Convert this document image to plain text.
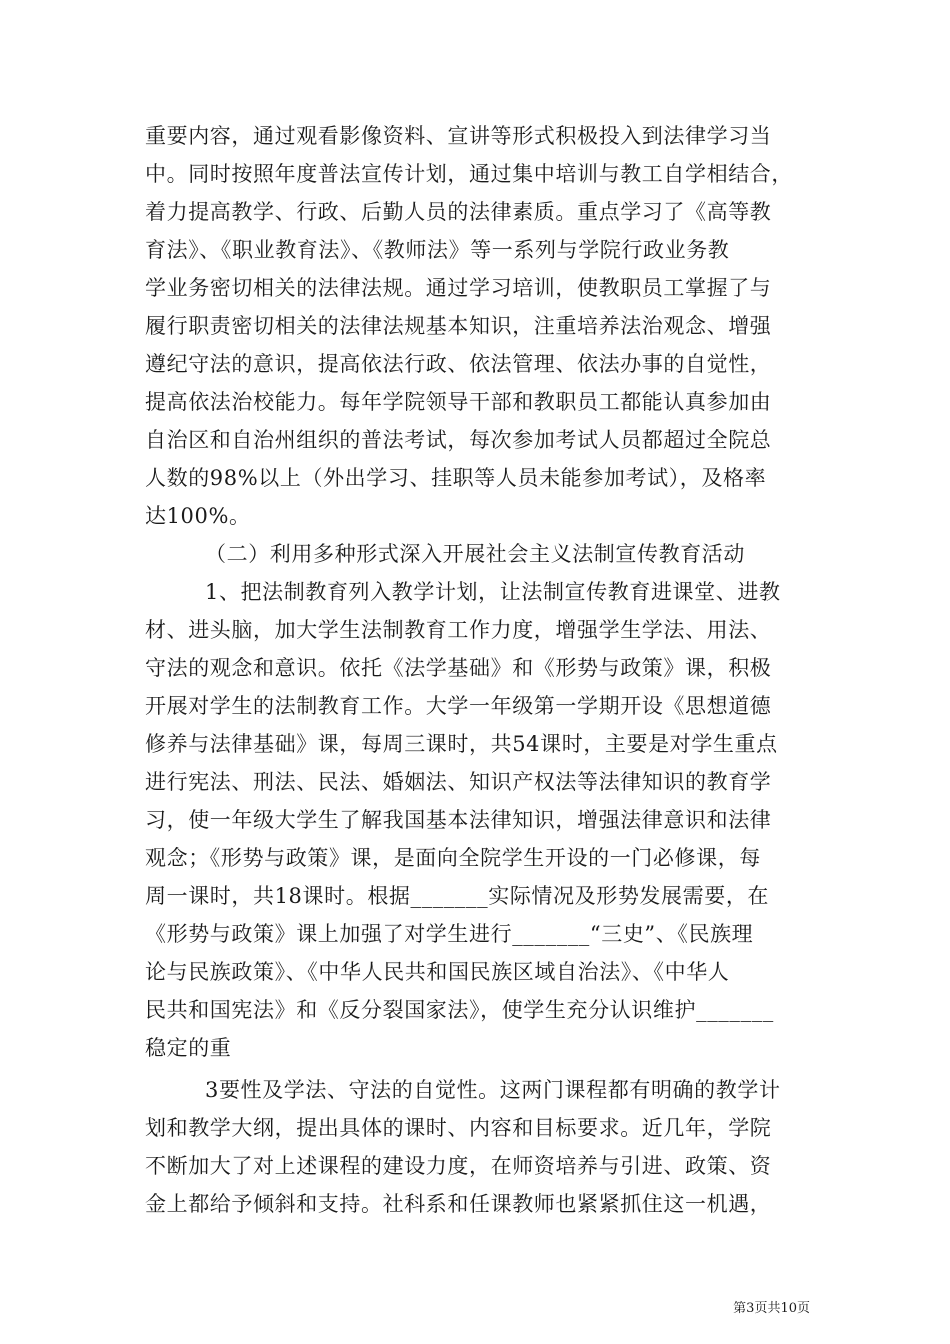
重要内容，通过观看影像资料、宣讲等形式积极投入到法律学习当
中。同时按照年度普法宣传计划，通过集中培训与教工自学相结合，
着力提高教学、行政、后勤人员的法律素质。重点学习了《高等教
育法》、《职业教育法》、《教师法》等一系列与学院行政业务教
学业务密切相关的法律法规。通过学习培训，使教职员工掌握了与
履行职责密切相关的法律法规基本知识，注重培养法治观念、增强
遵纪守法的意识，提高依法行政、依法管理、依法办事的自觉性，
提高依法治校能力。每年学院领导干部和教职员工都能认真参加由
自治区和自治州组织的普法考试，每次参加考试人员都超过全院总
人数的98%以上（外出学习、挂职等人员未能参加考试），及格率
达100%。
（二）利用多种形式深入开展社会主义法制宣传教育活动
1、把法制教育列入教学计划，让法制宣传教育进课堂、进教
材、进头脑，加大学生法制教育工作力度，增强学生学法、用法、
守法的观念和意识。依托《法学基础》和《形势与政策》课，积极
开展对学生的法制教育工作。大学一年级第一学期开设《思想道德
修养与法律基础》课，每周三课时，共54课时，主要是对学生重点
进行宪法、刑法、民法、婚姻法、知识产权法等法律知识的教育学
习，使一年级大学生了解我国基本法律知识，增强法律意识和法律
观念；《形势与政策》课，是面向全院学生开设的一门必修课，每
周一课时，共18课时。根据_______实际情况及形势发展需要，在
《形势与政策》课上加强了对学生进行_______“三史”、《民族理
论与民族政策》、《中华人民共和国民族区域自治法》、《中华人
民共和国宪法》和《反分裂国家法》，使学生充分认识维护_______
稳定的重
3要性及学法、守法的自觉性。这两门课程都有明确的教学计
划和教学大纲，提出具体的课时、内容和目标要求。近几年，学院
不断加大了对上述课程的建设力度，在师资培养与引进、政策、资
金上都给予倾斜和支持。社科系和任课教师也紧紧抓住这一机遇，
第3页共10页
